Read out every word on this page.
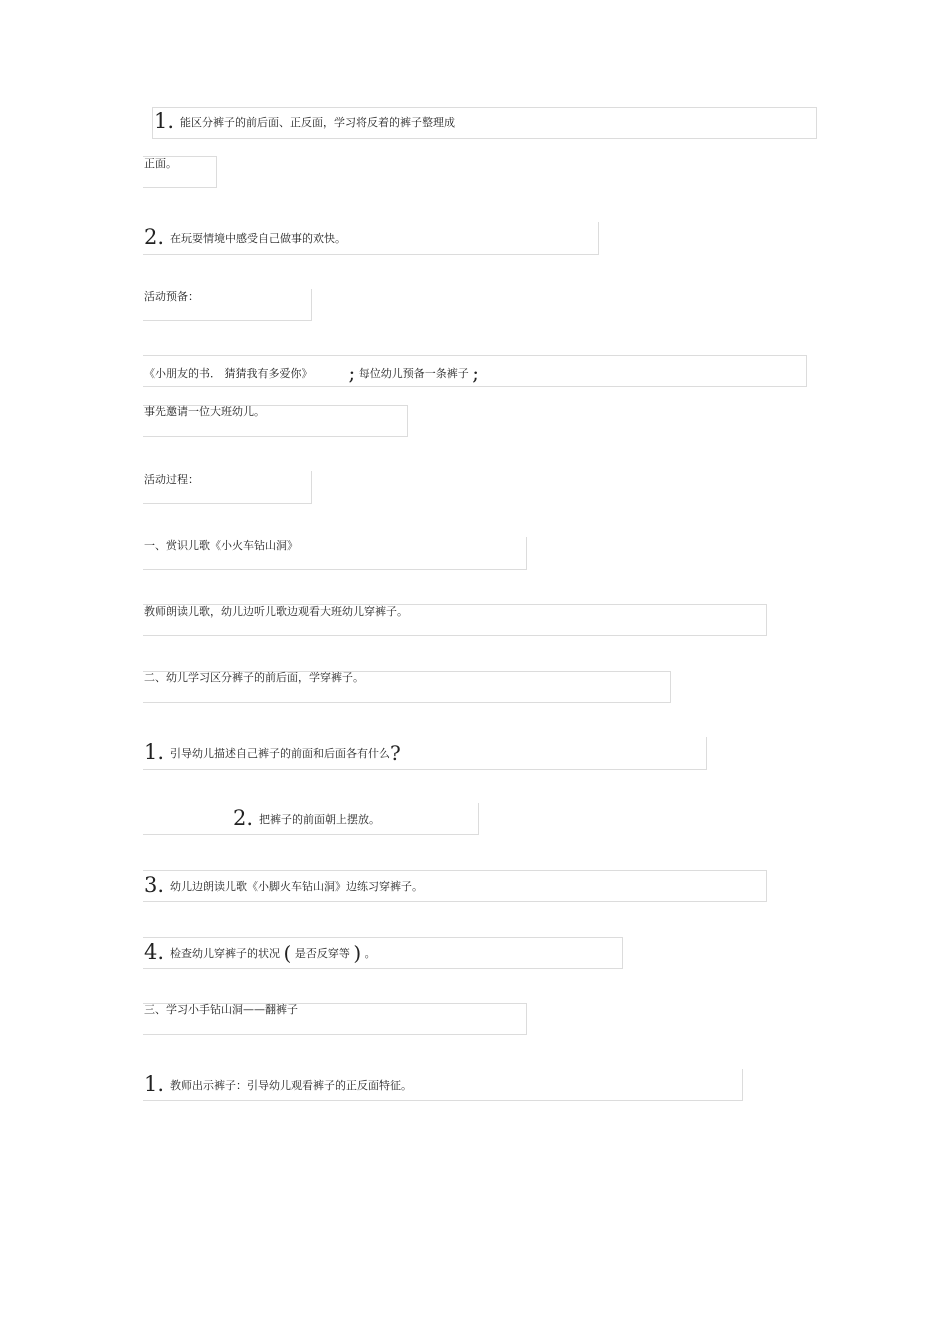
1. 能区分裤子的前后面、正反面，学习将反着的裤子整理成
正面。
2. 在玩耍情境中感受自己做事的欢快。
活动预备：
《小朋友的书． 猜猜我有多爱你》 ; 每位幼儿预备一条裤子 ;
事先邀请一位大班幼儿。
活动过程：
一、赏识儿歌《小火车钻山洞》
教师朗读儿歌，幼儿边听儿歌边观看大班幼儿穿裤子。
二、幼儿学习区分裤子的前后面，学穿裤子。
1. 引导幼儿描述自己裤子的前面和后面各有什么?
2. 把裤子的前面朝上摆放。
3. 幼儿边朗读儿歌《小脚火车钻山洞》边练习穿裤子。
4. 检查幼儿穿裤子的状况 ( 是否反穿等 ) 。
三、学习小手钻山洞——翻裤子
1. 教师出示裤子：引导幼儿观看裤子的正反面特征。
